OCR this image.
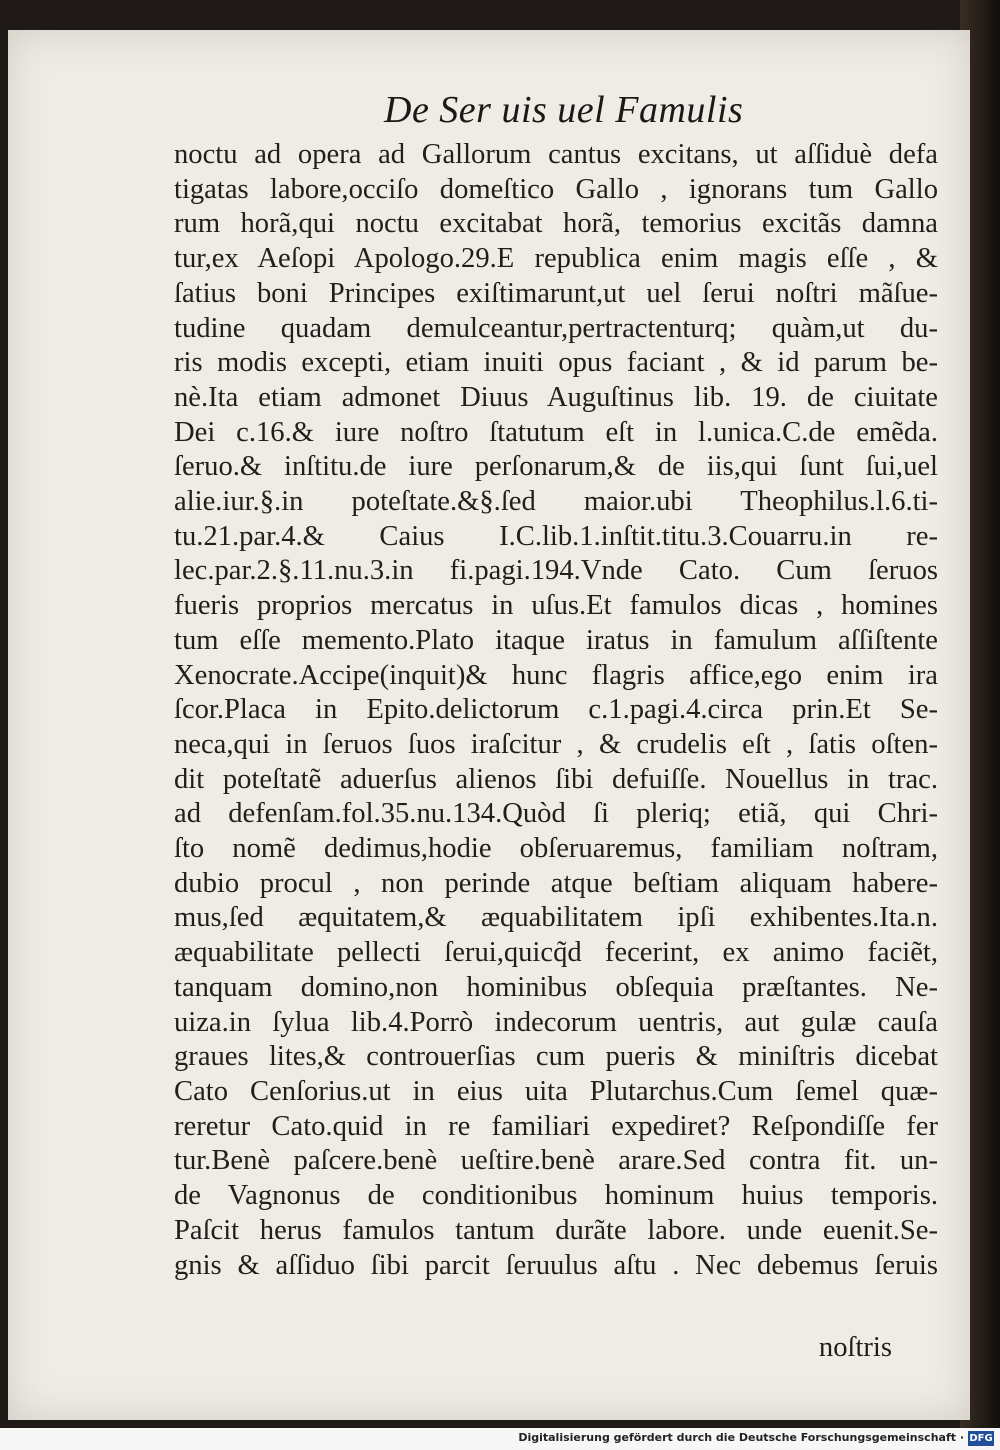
De Ser uis uel Famulis
noctu ad opera ad Gallorum cantus excitans, ut aſſiduè defa
tigatas labore,occiſo domeſtico Gallo , ignorans tum Gallo
rum horã,qui noctu excitabat horã, temorius excitãs damna
tur,ex Aeſopi Apologo.29.E republica enim magis eſſe , &
ſatius boni Principes exiſtimarunt,ut uel ſerui noſtri mãſue-
tudine quadam demulceantur,pertractenturq; quàm,ut du-
ris modis excepti, etiam inuiti opus faciant , & id parum be-
nè.Ita etiam admonet Diuus Auguſtinus lib. 19. de ciuitate
Dei c.16.& iure noſtro ſtatutum eſt in l.unica.C.de emẽda.
ſeruo.& inſtitu.de iure perſonarum,& de iis,qui ſunt ſui,uel
alie.iur.§.in poteſtate.&§.ſed maior.ubi Theophilus.l.6.ti-
tu.21.par.4.& Caius I.C.lib.1.inſtit.titu.3.Couarru.in re-
lec.par.2.§.11.nu.3.in fi.pagi.194.Vnde Cato. Cum ſeruos
fueris proprios mercatus in uſus.Et famulos dicas , homines
tum eſſe memento.Plato itaque iratus in famulum aſſiſtente
Xenocrate.Accipe(inquit)& hunc flagris affice,ego enim ira
ſcor.Placa in Epito.delictorum c.1.pagi.4.circa prin.Et Se-
neca,qui in ſeruos ſuos iraſcitur , & crudelis eſt , ſatis oſten-
dit poteſtatẽ aduerſus alienos ſibi defuiſſe. Nouellus in trac.
ad defenſam.fol.35.nu.134.Quòd ſi pleriq; etiã, qui Chri-
ſto nomẽ dedimus,hodie obſeruaremus, familiam noſtram,
dubio procul , non perinde atque beſtiam aliquam habere-
mus,ſed æquitatem,& æquabilitatem ipſi exhibentes.Ita.n.
æquabilitate pellecti ſerui,quicq̃d fecerint, ex animo faciẽt,
tanquam domino,non hominibus obſequia præſtantes. Ne-
uiza.in ſylua lib.4.Porrò indecorum uentris, aut gulæ cauſa
graues lites,& controuerſias cum pueris & miniſtris dicebat
Cato Cenſorius.ut in eius uita Plutarchus.Cum ſemel quæ-
reretur Cato.quid in re familiari expediret? Reſpondiſſe fer
tur.Benè paſcere.benè ueſtire.benè arare.Sed contra fit. un-
de Vagnonus de conditionibus hominum huius temporis.
Paſcit herus famulos tantum durãte labore. unde euenit.Se-
gnis & aſſiduo ſibi parcit ſeruulus aſtu . Nec debemus ſeruis
noſtris
Digitalisierung gefördert durch die Deutsche Forschungsgemeinschaft · DFG
